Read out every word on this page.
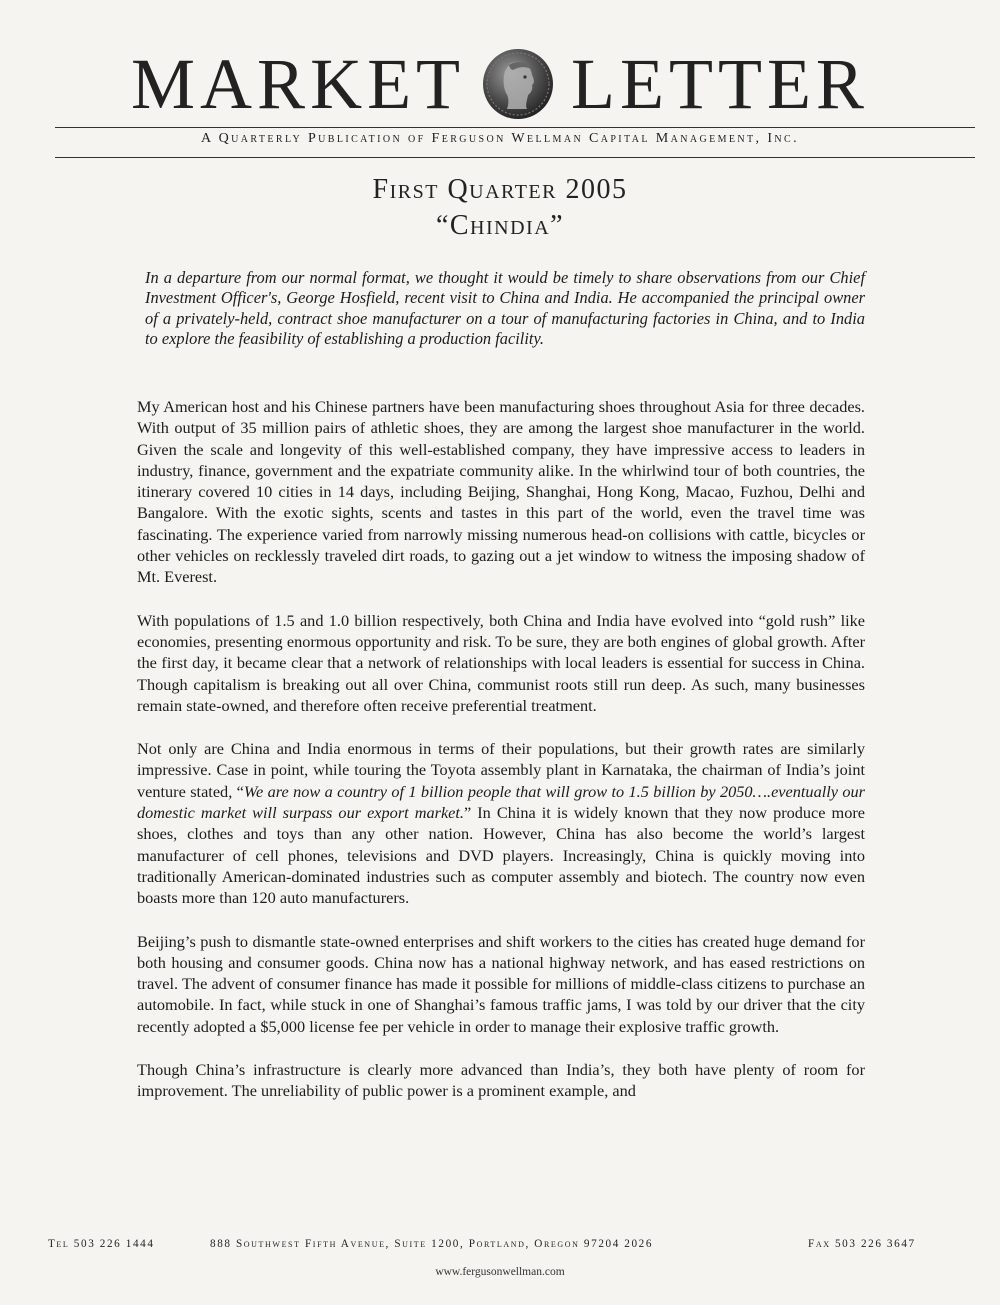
MARKET LETTER
A Quarterly Publication of Ferguson Wellman Capital Management, Inc.
First Quarter 2005
“Chindia”

In a departure from our normal format, we thought it would be timely to share observations from our Chief Investment Officer's, George Hosfield, recent visit to China and India. He accompanied the principal owner of a privately-held, contract shoe manufacturer on a tour of manufacturing factories in China, and to India to explore the feasibility of establishing a production facility.

My American host and his Chinese partners have been manufacturing shoes throughout Asia for three decades. With output of 35 million pairs of athletic shoes, they are among the largest shoe manufacturer in the world. Given the scale and longevity of this well-established company, they have impressive access to leaders in industry, finance, government and the expatriate community alike. In the whirlwind tour of both countries, the itinerary covered 10 cities in 14 days, including Beijing, Shanghai, Hong Kong, Macao, Fuzhou, Delhi and Bangalore. With the exotic sights, scents and tastes in this part of the world, even the travel time was fascinating. The experience varied from narrowly missing numerous head-on collisions with cattle, bicycles or other vehicles on recklessly traveled dirt roads, to gazing out a jet window to witness the imposing shadow of Mt. Everest.

With populations of 1.5 and 1.0 billion respectively, both China and India have evolved into “gold rush” like economies, presenting enormous opportunity and risk. To be sure, they are both engines of global growth. After the first day, it became clear that a network of relationships with local leaders is essential for success in China. Though capitalism is breaking out all over China, communist roots still run deep. As such, many businesses remain state-owned, and therefore often receive preferential treatment.

Not only are China and India enormous in terms of their populations, but their growth rates are similarly impressive. Case in point, while touring the Toyota assembly plant in Karnataka, the chairman of India’s joint venture stated, “We are now a country of 1 billion people that will grow to 1.5 billion by 2050….eventually our domestic market will surpass our export market.” In China it is widely known that they now produce more shoes, clothes and toys than any other nation. However, China has also become the world’s largest manufacturer of cell phones, televisions and DVD players. Increasingly, China is quickly moving into traditionally American-dominated industries such as computer assembly and biotech. The country now even boasts more than 120 auto manufacturers.

Beijing’s push to dismantle state-owned enterprises and shift workers to the cities has created huge demand for both housing and consumer goods. China now has a national highway network, and has eased restrictions on travel. The advent of consumer finance has made it possible for millions of middle-class citizens to purchase an automobile. In fact, while stuck in one of Shanghai’s famous traffic jams, I was told by our driver that the city recently adopted a $5,000 license fee per vehicle in order to manage their explosive traffic growth.

Though China’s infrastructure is clearly more advanced than India’s, they both have plenty of room for improvement. The unreliability of public power is a prominent example, and

Tel 503 226 1444	888 Southwest Fifth Avenue, Suite 1200, Portland, Oregon 97204 2026	Fax 503 226 3647
www.fergusonwellman.com
